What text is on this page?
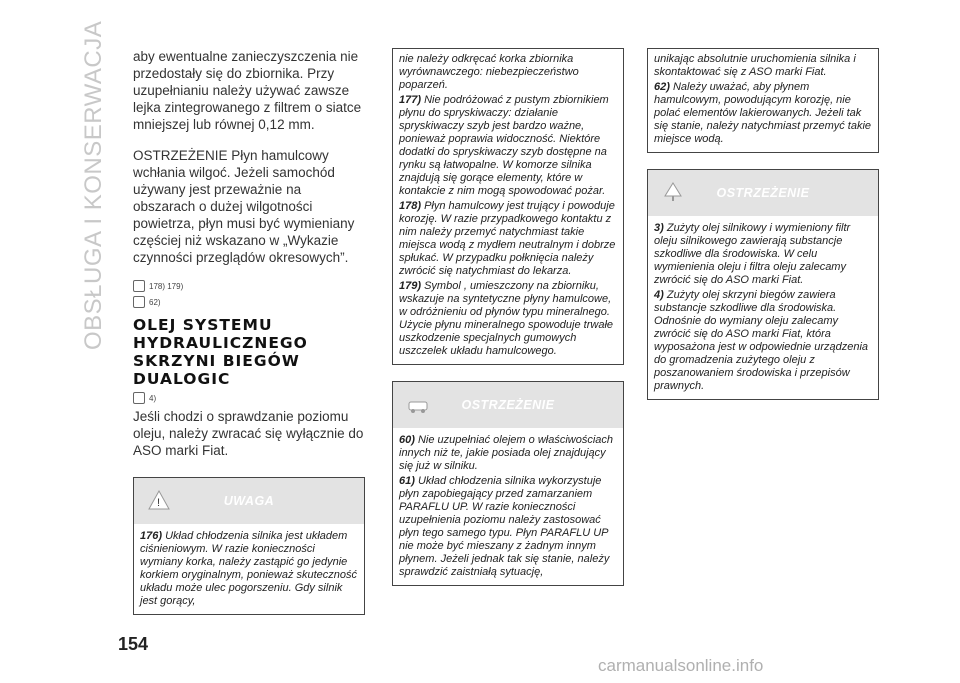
OBSŁUGA I KONSERWACJA aby ewentualne zanieczyszczenia nie przedostały się do zbiornika. Przy uzupełnianiu należy używać zawsze lejka zintegrowanego z filtrem o siatce mniejszej lub równej 0,12 mm.

OSTRZEŻENIE Płyn hamulcowy wchłania wilgoć. Jeżeli samochód używany jest przeważnie na obszarach o dużej wilgotności powietrza, płyn musi być wymieniany częściej niż wskazano w „Wykazie czynności przeglądów okresowych”.

178) 179)
62)
OLEJ SYSTEMU HYDRAULICZNEGO SKRZYNI BIEGÓW DUALOGIC
4)

Jeśli chodzi o sprawdzanie poziomu oleju, należy zwracać się wyłącznie do ASO marki Fiat.

!	UWAGA
176) Układ chłodzenia silnika jest układem ciśnieniowym. W razie konieczności wymiany korka, należy zastąpić go jedynie korkiem oryginalnym, ponieważ skuteczność układu może ulec pogorszeniu. Gdy silnik jest gorący,
nie należy odkręcać korka zbiornika wyrównawczego: niebezpieczeństwo poparzeń.
177) Nie podróżować z pustym zbiornikiem płynu do spryskiwaczy: działanie spryskiwaczy szyb jest bardzo ważne, ponieważ poprawia widoczność. Niektóre dodatki do spryskiwaczy szyb dostępne na rynku są łatwopalne. W komorze silnika znajdują się gorące elementy, które w kontakcie z nim mogą spowodować pożar.
178) Płyn hamulcowy jest trujący i powoduje korozję. W razie przypadkowego kontaktu z nim należy przemyć natychmiast takie miejsca wodą z mydłem neutralnym i dobrze spłukać. W przypadku połknięcia należy zwrócić się natychmiast do lekarza.
179) Symbol , umieszczony na zbiorniku, wskazuje na syntetyczne płyny hamulcowe, w odróżnieniu od płynów typu mineralnego. Użycie płynu mineralnego spowoduje trwałe uszkodzenie specjalnych gumowych uszczelek układu hamulcowego.
OSTRZEŻENIE
60) Nie uzupełniać olejem o właściwościach innych niż te, jakie posiada olej znajdujący się już w silniku.
61) Układ chłodzenia silnika wykorzystuje płyn zapobiegający przed zamarzaniem PARAFLU UP. W razie konieczności uzupełnienia poziomu należy zastosować płyn tego samego typu. Płyn PARAFLU UP nie może być mieszany z żadnym innym płynem. Jeżeli jednak tak się stanie, należy sprawdzić zaistniałą sytuację,
unikając absolutnie uruchomienia silnika i skontaktować się z ASO marki Fiat.
62) Należy uważać, aby płynem hamulcowym, powodującym korozję, nie polać elementów lakierowanych. Jeżeli tak się stanie, należy natychmiast przemyć takie miejsce wodą.
OSTRZEŻENIE
3) Zużyty olej silnikowy i wymieniony filtr oleju silnikowego zawierają substancje szkodliwe dla środowiska. W celu wymienienia oleju i filtra oleju zalecamy zwrócić się do ASO marki Fiat.
4) Zużyty olej skrzyni biegów zawiera substancje szkodliwe dla środowiska. Odnośnie do wymiany oleju zalecamy zwrócić się do ASO marki Fiat, która wyposażona jest w odpowiednie urządzenia do gromadzenia zużytego oleju z poszanowaniem środowiska i przepisów prawnych.
154
carmanualsonline.info
